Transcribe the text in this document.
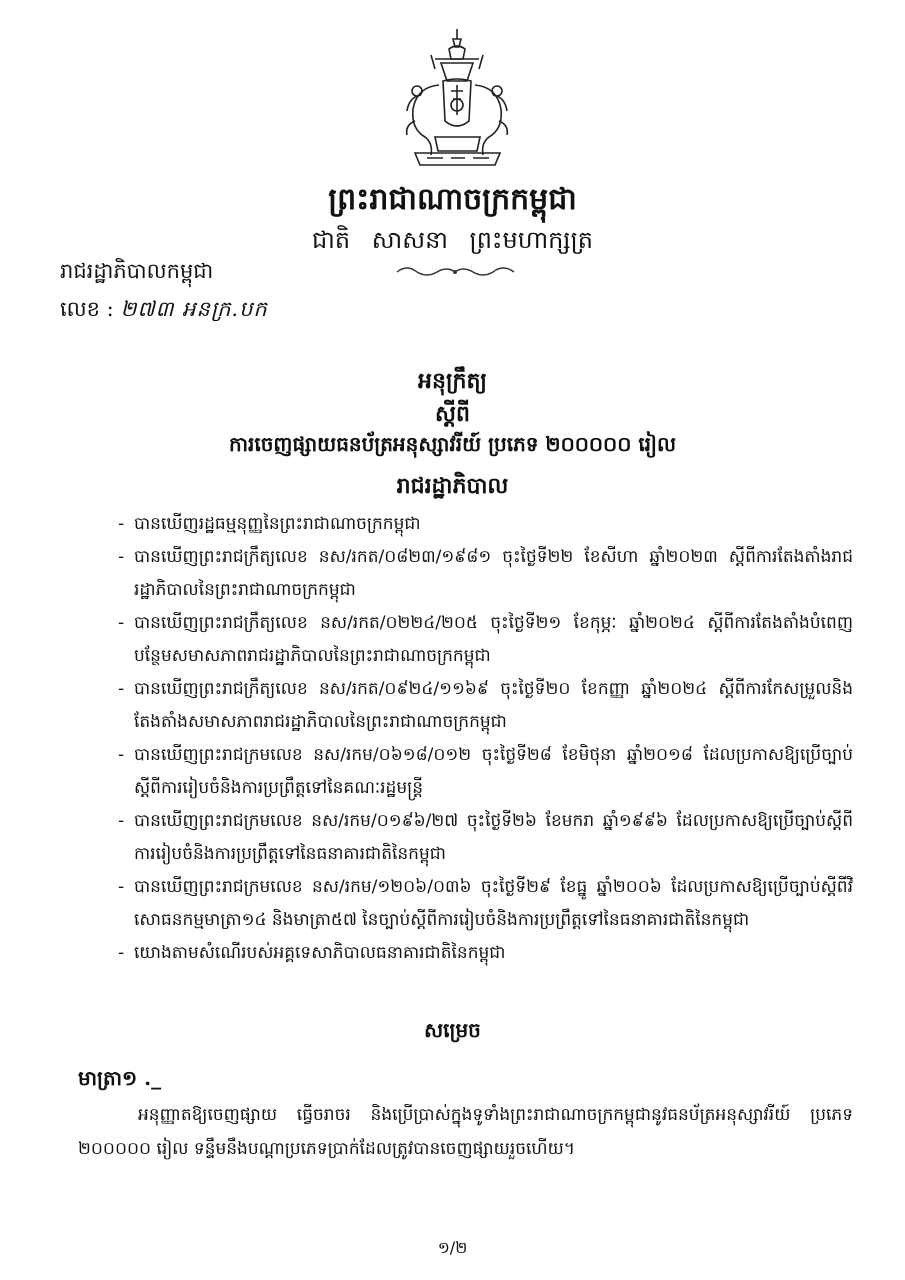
ព្រះរាជាណាចក្រកម្ពុជា
ជាតិ សាសនា ព្រះមហាក្សត្រ
រាជរដ្ឋាភិបាលកម្ពុជា
លេខ : ២៧៣ អនក្រ.បក
អនុក្រឹត្យ
ស្ដីពី
ការចេញផ្សាយធនប័ត្រអនុស្សាវរីយ៍ ប្រភេទ ២០០០០០ រៀល
រាជរដ្ឋាភិបាល
- បានឃើញរដ្ឋធម្មនុញ្ញនៃព្រះរាជាណាចក្រកម្ពុជា
- បានឃើញព្រះរាជក្រឹត្យលេខ នស/រកត/០៨២៣/១៩៨១ ចុះថ្ងៃទី២២ ខែសីហា ឆ្នាំ២០២៣ ស្ដីពីការតែងតាំងរាជរដ្ឋាភិបាលនៃព្រះរាជាណាចក្រកម្ពុជា
- បានឃើញព្រះរាជក្រឹត្យលេខ នស/រកត/០២២៤/២០៥ ចុះថ្ងៃទី២១ ខែកុម្ភៈ ឆ្នាំ២០២៤ ស្ដីពីការតែងតាំងបំពេញបន្ថែមសមាសភាពរាជរដ្ឋាភិបាលនៃព្រះរាជាណាចក្រកម្ពុជា
- បានឃើញព្រះរាជក្រឹត្យលេខ នស/រកត/០៩២៤/១១៦៩ ចុះថ្ងៃទី២០ ខែកញ្ញា ឆ្នាំ២០២៤ ស្ដីពីការកែសម្រួលនិងតែងតាំងសមាសភាពរាជរដ្ឋាភិបាលនៃព្រះរាជាណាចក្រកម្ពុជា
- បានឃើញព្រះរាជក្រមលេខ នស/រកម/០៦១៨/០១២ ចុះថ្ងៃទី២៨ ខែមិថុនា ឆ្នាំ២០១៨ ដែលប្រកាសឱ្យប្រើច្បាប់ស្ដីពីការរៀបចំនិងការប្រព្រឹត្តទៅនៃគណៈរដ្ឋមន្ត្រី
- បានឃើញព្រះរាជក្រមលេខ នស/រកម/០១៩៦/២៧ ចុះថ្ងៃទី២៦ ខែមករា ឆ្នាំ១៩៩៦ ដែលប្រកាសឱ្យប្រើច្បាប់ស្ដីពីការរៀបចំនិងការប្រព្រឹត្តទៅនៃធនាគារជាតិនៃកម្ពុជា
- បានឃើញព្រះរាជក្រមលេខ នស/រកម/១២០៦/០៣៦ ចុះថ្ងៃទី២៩ ខែធ្នូ ឆ្នាំ២០០៦ ដែលប្រកាសឱ្យប្រើច្បាប់ស្ដីពីវិសោធនកម្មមាត្រា១៤ និងមាត្រា៥៧ នៃច្បាប់ស្ដីពីការរៀបចំនិងការប្រព្រឹត្តទៅនៃធនាគារជាតិនៃកម្ពុជា
- យោងតាមសំណើរបស់អគ្គទេសាភិបាលធនាគារជាតិនៃកម្ពុជា
សម្រេច
មាត្រា១ ._
អនុញ្ញាតឱ្យចេញផ្សាយ ធ្វើចរាចរ និងប្រើប្រាស់ក្នុងទូទាំងព្រះរាជាណាចក្រកម្ពុជានូវធនប័ត្រអនុស្សាវរីយ៍ ប្រភេទ ២០០០០០ រៀល ទន្ទឹមនឹងបណ្ដាប្រភេទប្រាក់ដែលត្រូវបានចេញផ្សាយរួចហើយ។
១/២
